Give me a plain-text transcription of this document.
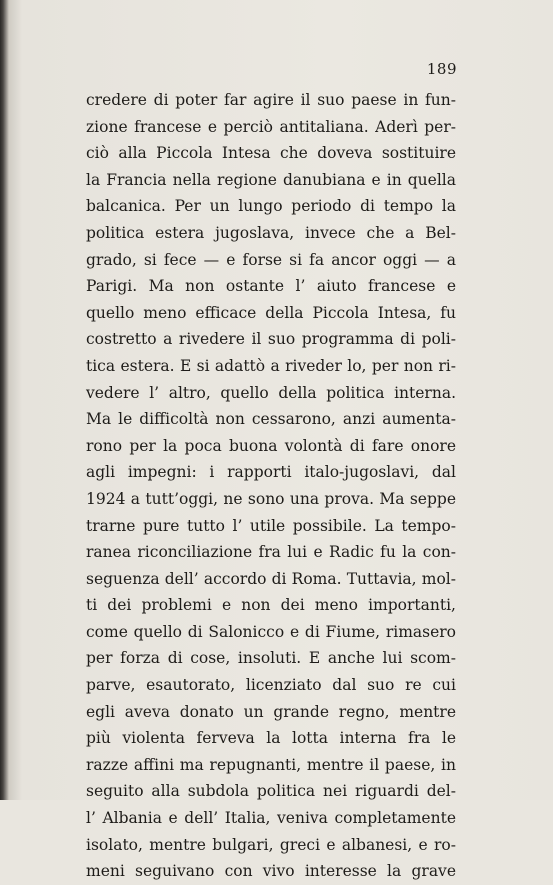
189
credere di poter far agire il suo paese in fun-
zione francese e perciò antitaliana. Aderì per-
ciò alla Piccola Intesa che doveva sostituire
la Francia nella regione danubiana e in quella
balcanica. Per un lungo periodo di tempo la
politica estera jugoslava, invece che a Bel-
grado, si fece — e forse si fa ancor oggi — a
Parigi. Ma non ostante l’ aiuto francese e
quello meno efficace della Piccola Intesa, fu
costretto a rivedere il suo programma di poli-
tica estera. E si adattò a riveder lo, per non ri-
vedere l’ altro, quello della politica interna.
Ma le difficoltà non cessarono, anzi aumenta-
rono per la poca buona volontà di fare onore
agli impegni: i rapporti italo-jugoslavi, dal
1924 a tutt’oggi, ne sono una prova. Ma seppe
trarne pure tutto l’ utile possibile. La tempo-
ranea riconciliazione fra lui e Radic fu la con-
seguenza dell’ accordo di Roma. Tuttavia, mol-
ti dei problemi e non dei meno importanti,
come quello di Salonicco e di Fiume, rimasero
per forza di cose, insoluti. E anche lui scom-
parve, esautorato, licenziato dal suo re cui
egli aveva donato un grande regno, mentre
più violenta ferveva la lotta interna fra le
razze affini ma repugnanti, mentre il paese, in
seguito alla subdola politica nei riguardi del-
l’ Albania e dell’ Italia, veniva completamente
isolato, mentre bulgari, greci e albanesi, e ro-
meni seguivano con vivo interesse la grave
